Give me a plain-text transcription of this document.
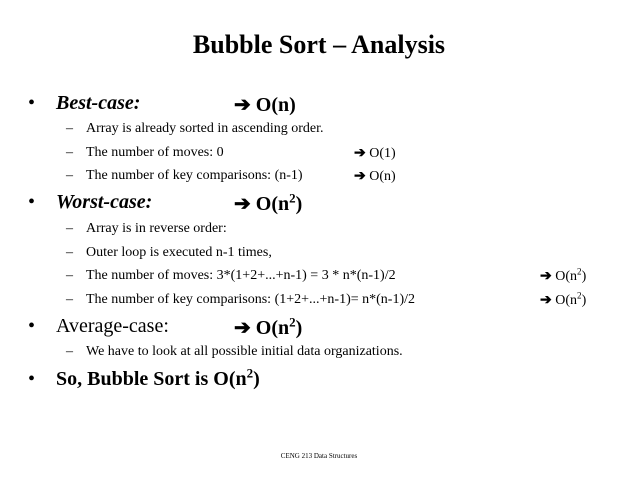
Bubble Sort – Analysis
• Best-case:	➔ O(n)
– Array is already sorted in ascending order.
– The number of moves: 0	➔ O(1)
– The number of key comparisons: (n-1)	➔ O(n)
• Worst-case:	➔ $O(n^2)$
– Array is in reverse order:
– Outer loop is executed n-1 times,
– The number of moves: 3*(1+2+...+n-1) = 3 * n*(n-1)/2	➔ $O(n^2)$
– The number of key comparisons: (1+2+...+n-1)= n*(n-1)/2	➔ $O(n^2)$
• Average-case:	➔ $O(n^2)$
– We have to look at all possible initial data organizations.
• So, Bubble Sort is $O(n^2)$
CENG 213 Data Structures
